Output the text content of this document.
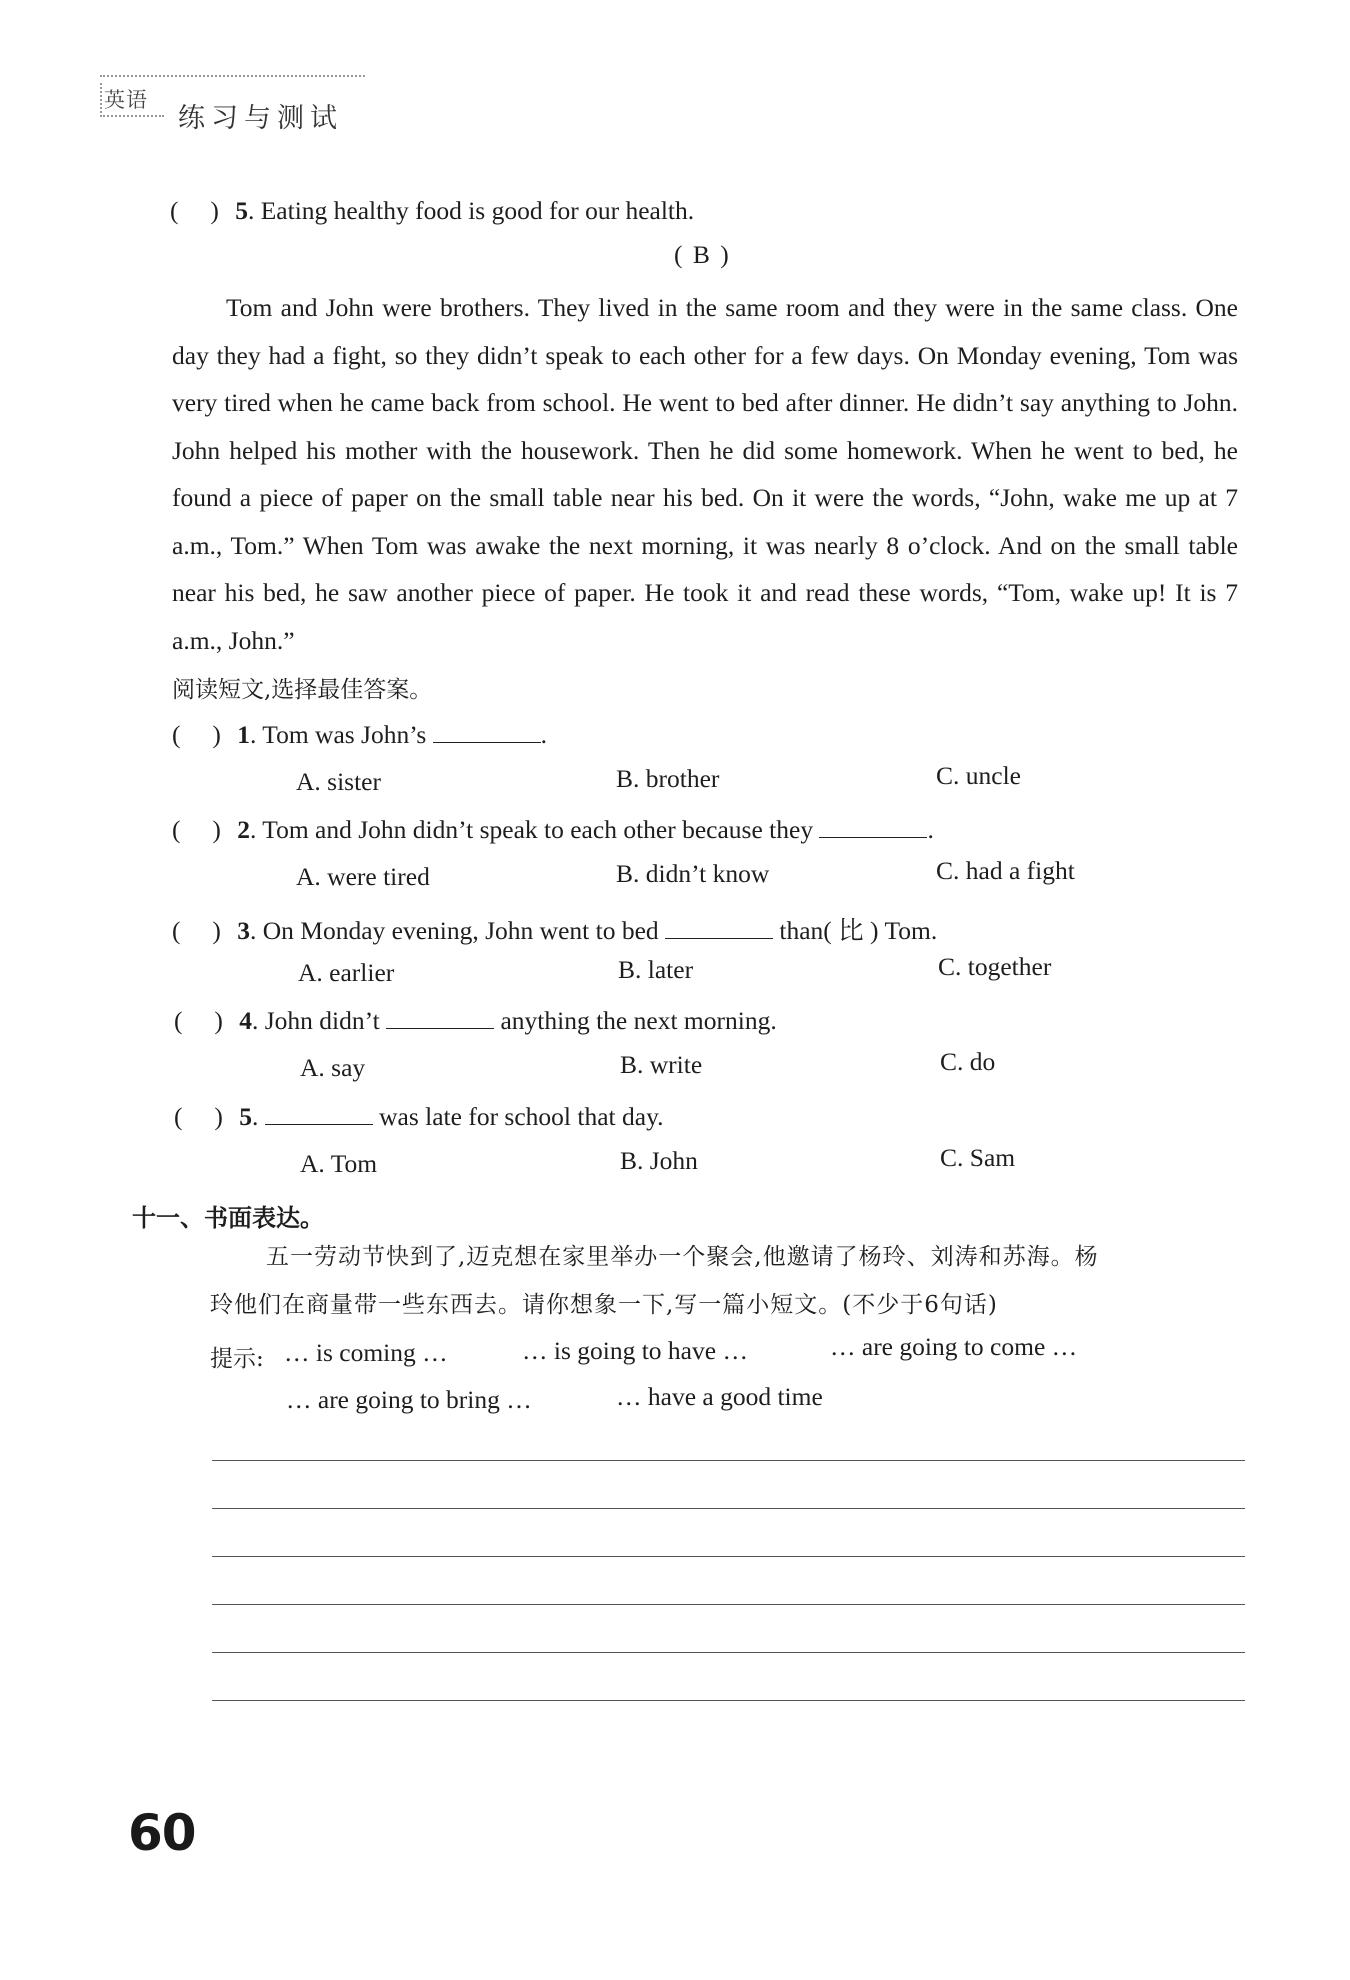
英语
练习与测试
(     ) 5. Eating healthy food is good for our health.
( B )

Tom and John were brothers. They lived in the same room and they were in the same class. One day they had a fight, so they didn’t speak to each other for a few days. On Monday evening, Tom was very tired when he came back from school. He went to bed after dinner. He didn’t say anything to John. John helped his mother with the housework. Then he did some homework. When he went to bed, he found a piece of paper on the small table near his bed. On it were the words, “John, wake me up at 7 a.m., Tom.” When Tom was awake the next morning, it was nearly 8 o’clock. And on the small table near his bed, he saw another piece of paper. He took it and read these words, “Tom, wake up! It is 7 a.m., John.”

阅读短文,选择最佳答案。
(     ) 1. Tom was John’s	.
A. sister	B. brother	C. uncle
(     ) 2. Tom and John didn’t speak to each other because they	.
A. were tired	B. didn’t know	C. had a fight
(     ) 3. On Monday evening, John went to bed	than( 比 ) Tom.
A. earlier	B. later	C. together
(     ) 4. John didn’t	anything the next morning.
A. say	B. write	C. do
(     ) 5.	was late for school that day.
A. Tom	B. John	C. Sam
十一、书面表达。
五一劳动节快到了,迈克想在家里举办一个聚会,他邀请了杨玲、刘涛和苏海。杨
玲他们在商量带一些东西去。请你想象一下,写一篇小短文。(不少于6句话)
提示: … is coming …	… is going to have …	… are going to come …
… are going to bring …	… have a good time
60
